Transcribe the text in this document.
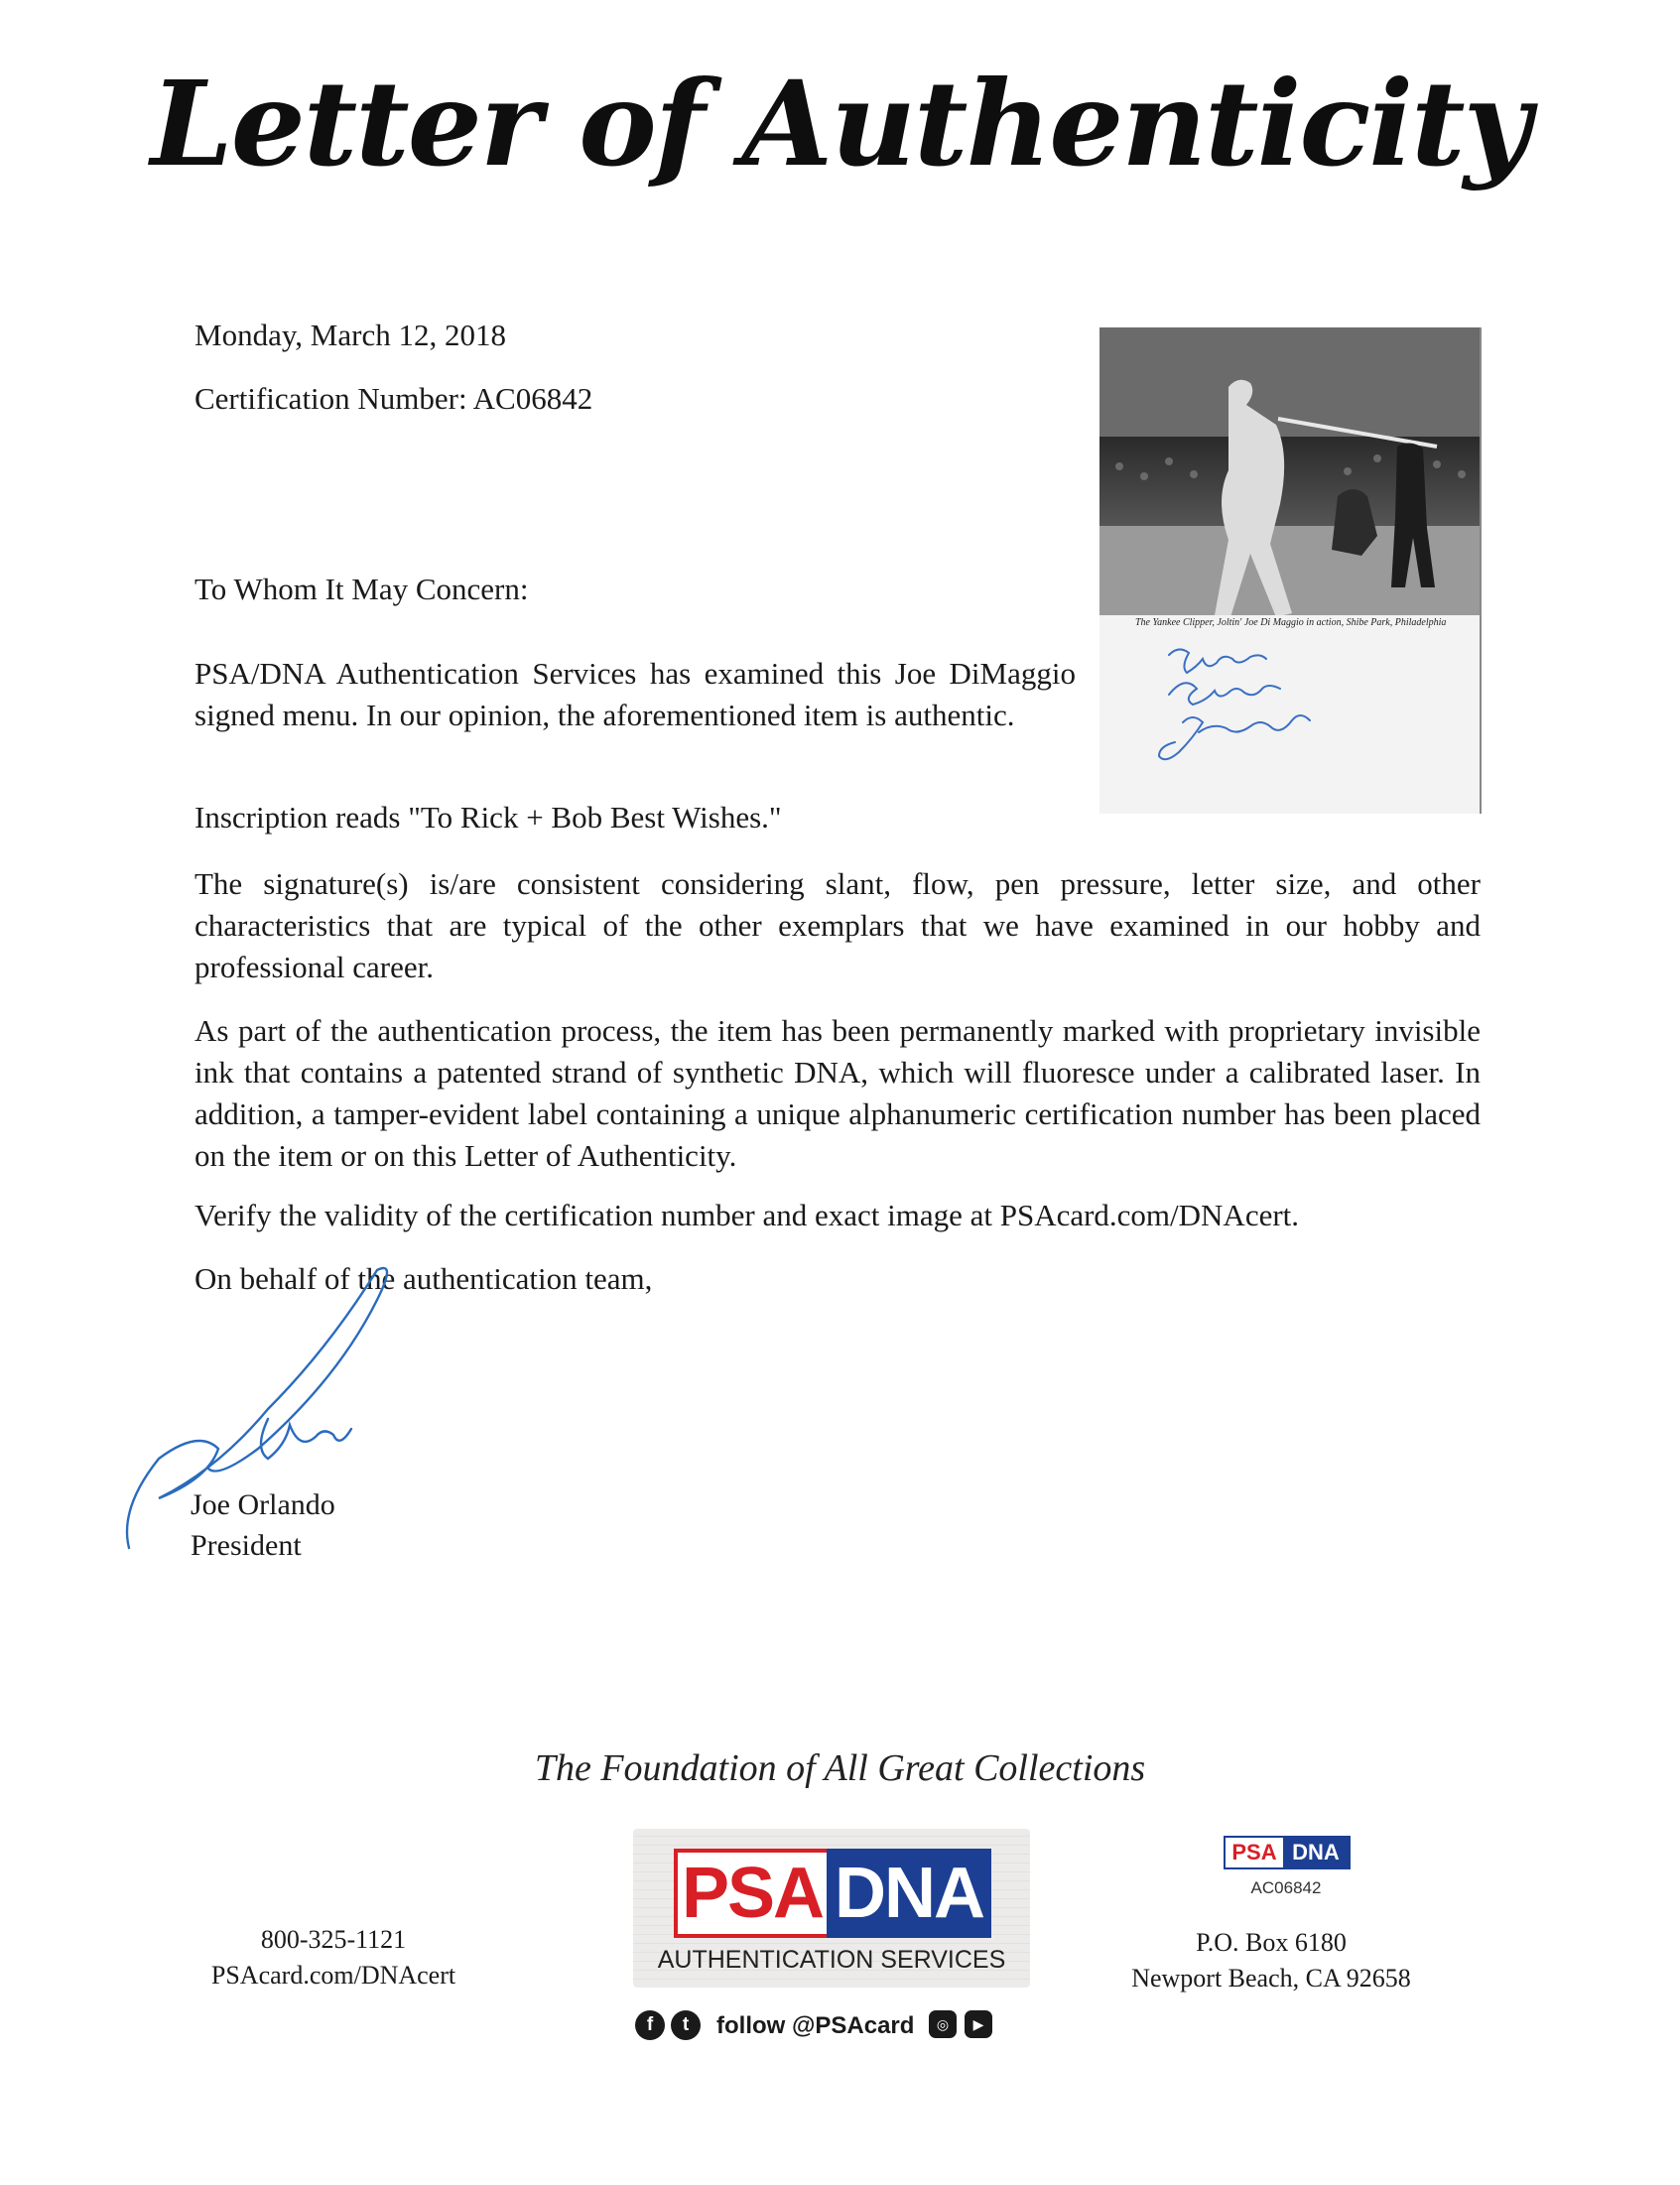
Letter of Authenticity
Monday, March 12, 2018
Certification Number: AC06842
To Whom It May Concern:
PSA/DNA Authentication Services has examined this Joe DiMaggio signed menu. In our opinion, the aforementioned item is authentic.
Inscription reads "To Rick + Bob Best Wishes."
The signature(s) is/are consistent considering slant, flow, pen pressure, letter size, and other characteristics that are typical of the other exemplars that we have examined in our hobby and professional career.
As part of the authentication process, the item has been permanently marked with proprietary invisible ink that contains a patented strand of synthetic DNA, which will fluoresce under a calibrated laser. In addition, a tamper-evident label containing a unique alphanumeric certification number has been placed on the item or on this Letter of Authenticity.
Verify the validity of the certification number and exact image at PSAcard.com/DNAcert.
On behalf of the authentication team,
The Yankee Clipper, Joltin' Joe Di Maggio in action, Shibe Park, Philadelphia
Joe Orlando
President
The Foundation of All Great Collections
PSA DNA
AUTHENTICATION SERVICES
f	t	follow @PSAcard	◎	▶
800-325-1121
PSAcard.com/DNAcert
PSA DNA
AC06842
P.O. Box 6180
Newport Beach, CA 92658
